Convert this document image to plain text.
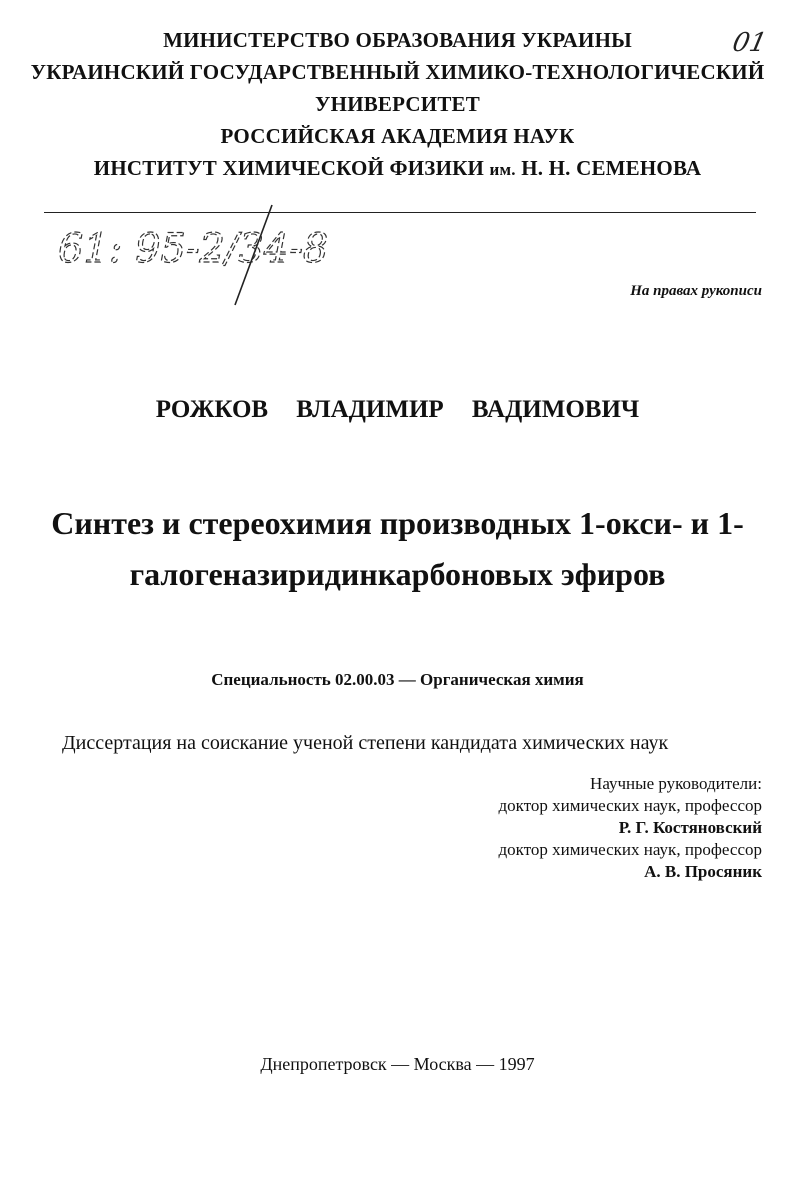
МИНИСТЕРСТВО ОБРАЗОВАНИЯ УКРАИНЫ
УКРАИНСКИЙ ГОСУДАРСТВЕННЫЙ ХИМИКО-ТЕХНОЛОГИЧЕСКИЙ
УНИВЕРСИТЕТ
РОССИЙСКАЯ АКАДЕМИЯ НАУК
ИНСТИТУТ ХИМИЧЕСКОЙ ФИЗИКИ им. Н. Н. СЕМЕНОВА
01
61: 95-2/34-8
На правах рукописи
РОЖКОВ ВЛАДИМИР ВАДИМОВИЧ
Синтез и стереохимия производных 1-окси- и 1-
галогеназиридинкарбоновых эфиров
Специальность 02.00.03 — Органическая химия
Диссертация на соискание ученой степени кандидата химических наук
Научные руководители:
доктор химических наук, профессор
Р. Г. Костяновский
доктор химических наук, профессор
А. В. Просяник
Днепропетровск — Москва — 1997
